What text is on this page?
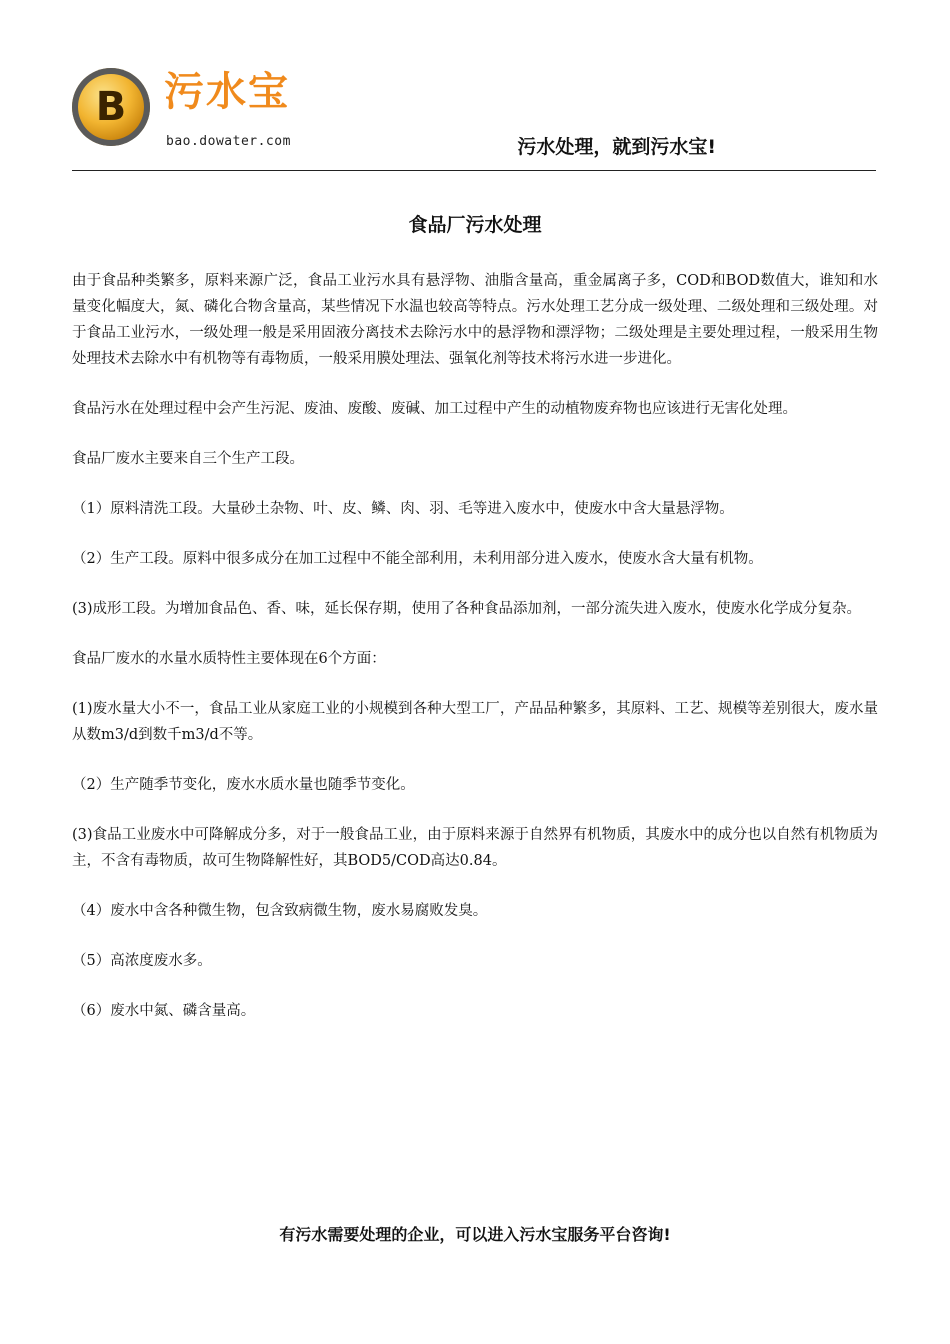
B 污水宝
bao.dowater.com	污水处理，就到污水宝!
食品厂污水处理

由于食品种类繁多，原料来源广泛，食品工业污水具有悬浮物、油脂含量高，重金属离子多，COD和BOD数值大，谁知和水量变化幅度大，氮、磷化合物含量高，某些情况下水温也较高等特点。污水处理工艺分成一级处理、二级处理和三级处理。对于食品工业污水，一级处理一般是采用固液分离技术去除污水中的悬浮物和漂浮物；二级处理是主要处理过程，一般采用生物处理技术去除水中有机物等有毒物质，一般采用膜处理法、强氧化剂等技术将污水进一步进化。

食品污水在处理过程中会产生污泥、废油、废酸、废碱、加工过程中产生的动植物废弃物也应该进行无害化处理。

食品厂废水主要来自三个生产工段。

（1）原料清洗工段。大量砂土杂物、叶、皮、鳞、肉、羽、毛等进入废水中，使废水中含大量悬浮物。

（2）生产工段。原料中很多成分在加工过程中不能全部利用，未利用部分进入废水，使废水含大量有机物。

(3)成形工段。为增加食品色、香、味，延长保存期，使用了各种食品添加剂，一部分流失进入废水，使废水化学成分复杂。

食品厂废水的水量水质特性主要体现在6个方面：

(1)废水量大小不一，食品工业从家庭工业的小规模到各种大型工厂，产品品种繁多，其原料、工艺、规模等差别很大，废水量从数m3/d到数千m3/d不等。

（2）生产随季节变化，废水水质水量也随季节变化。

(3)食品工业废水中可降解成分多，对于一般食品工业，由于原料来源于自然界有机物质，其废水中的成分也以自然有机物质为主，不含有毒物质，故可生物降解性好，其BOD5/COD高达0.84。

（4）废水中含各种微生物，包含致病微生物，废水易腐败发臭。

（5）高浓度废水多。

（6）废水中氮、磷含量高。

有污水需要处理的企业，可以进入污水宝服务平台咨询!
